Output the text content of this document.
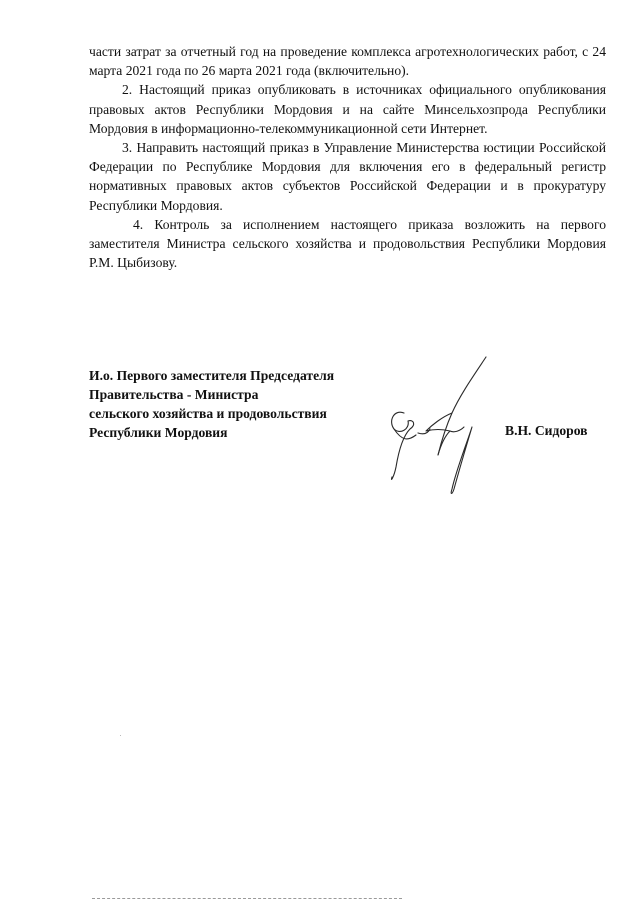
части затрат за отчетный год на проведение комплекса агротехнологических работ, с 24 марта 2021 года по 26 марта 2021 года (включительно).

2. Настоящий приказ опубликовать в источниках официального опубликования правовых актов Республики Мордовия и на сайте Минсельхозпрода Республики Мордовия в информационно-телекоммуникационной сети Интернет.

3. Направить настоящий приказ в Управление Министерства юстиции Российской Федерации по Республике Мордовия для включения его в федеральный регистр нормативных правовых актов субъектов Российской Федерации и в прокуратуру Республики Мордовия.

4. Контроль за исполнением настоящего приказа возложить на первого заместителя Министра сельского хозяйства и продовольствия Республики Мордовия Р.М. Цыбизову.

И.о. Первого заместителя Председателя
Правительства - Министра
сельского хозяйства и продовольствия
Республики Мордовия	В.Н. Сидоров
